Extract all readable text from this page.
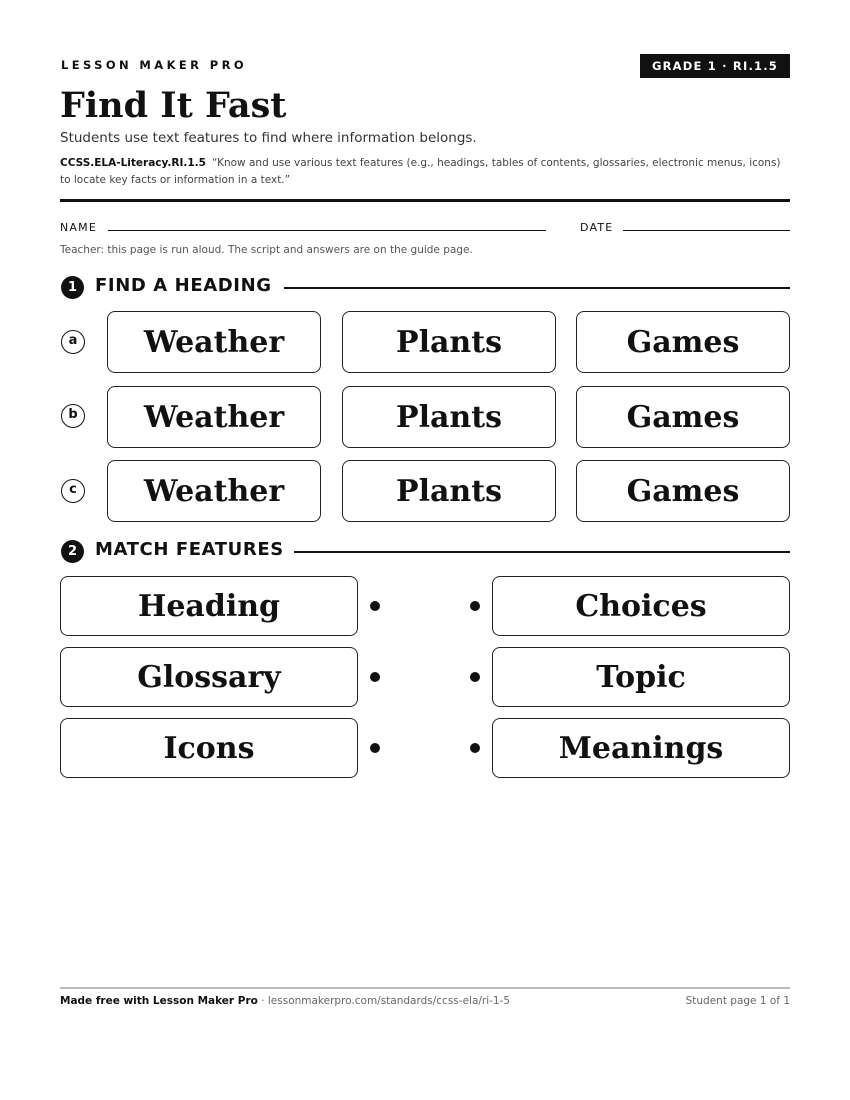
LESSON MAKER PRO	GRADE 1 · RI.1.5
Find It Fast
Students use text features to find where information belongs.
CCSS.ELA-Literacy.RI.1.5 “Know and use various text features (e.g., headings, tables of contents, glossaries, electronic menus, icons) to locate key facts or information in a text.”
NAME	DATE
Teacher: this page is run aloud. The script and answers are on the guide page.
1 FIND A HEADING
a	Weather	Plants	Games
b	Weather	Plants	Games
c	Weather	Plants	Games
2 MATCH FEATURES
Heading	Choices
Glossary	Topic
Icons	Meanings
Made free with Lesson Maker Pro · lessonmakerpro.com/standards/ccss-ela/ri-1-5	Student page 1 of 1
